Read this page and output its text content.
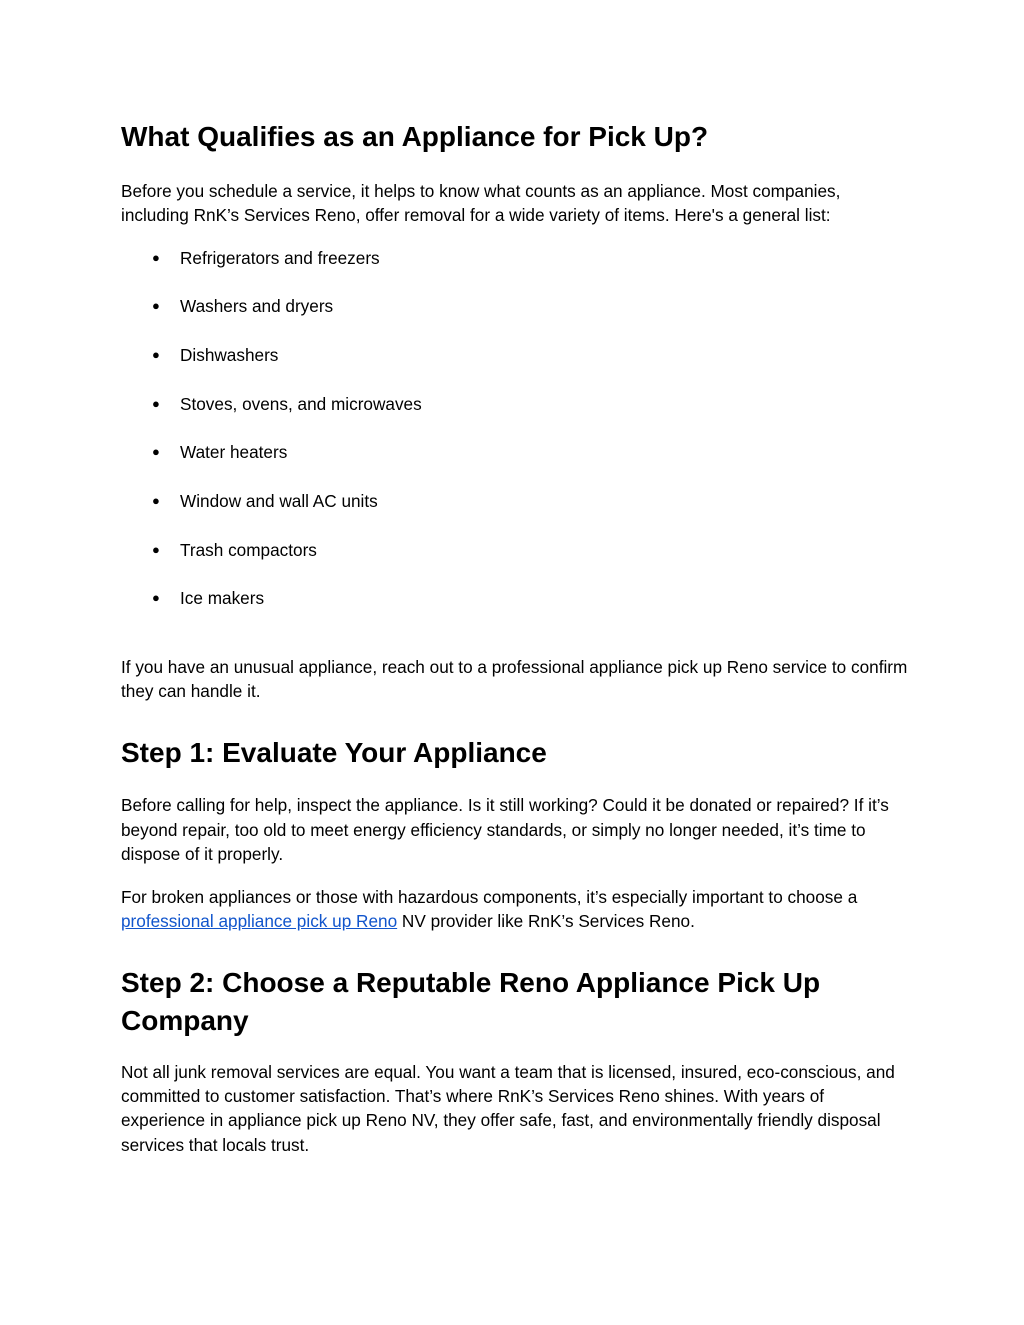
What Qualifies as an Appliance for Pick Up?

Before you schedule a service, it helps to know what counts as an appliance. Most companies, including RnK’s Services Reno, offer removal for a wide variety of items. Here's a general list:

● Refrigerators and freezers
● Washers and dryers
● Dishwashers
● Stoves, ovens, and microwaves
● Water heaters
● Window and wall AC units
● Trash compactors
● Ice makers

If you have an unusual appliance, reach out to a professional appliance pick up Reno service to confirm they can handle it.

Step 1: Evaluate Your Appliance

Before calling for help, inspect the appliance. Is it still working? Could it be donated or repaired? If it’s beyond repair, too old to meet energy efficiency standards, or simply no longer needed, it’s time to dispose of it properly.

For broken appliances or those with hazardous components, it’s especially important to choose a professional appliance pick up Reno NV provider like RnK’s Services Reno.

Step 2: Choose a Reputable Reno Appliance Pick Up Company

Not all junk removal services are equal. You want a team that is licensed, insured, eco-conscious, and committed to customer satisfaction. That’s where RnK’s Services Reno shines. With years of experience in appliance pick up Reno NV, they offer safe, fast, and environmentally friendly disposal services that locals trust.
